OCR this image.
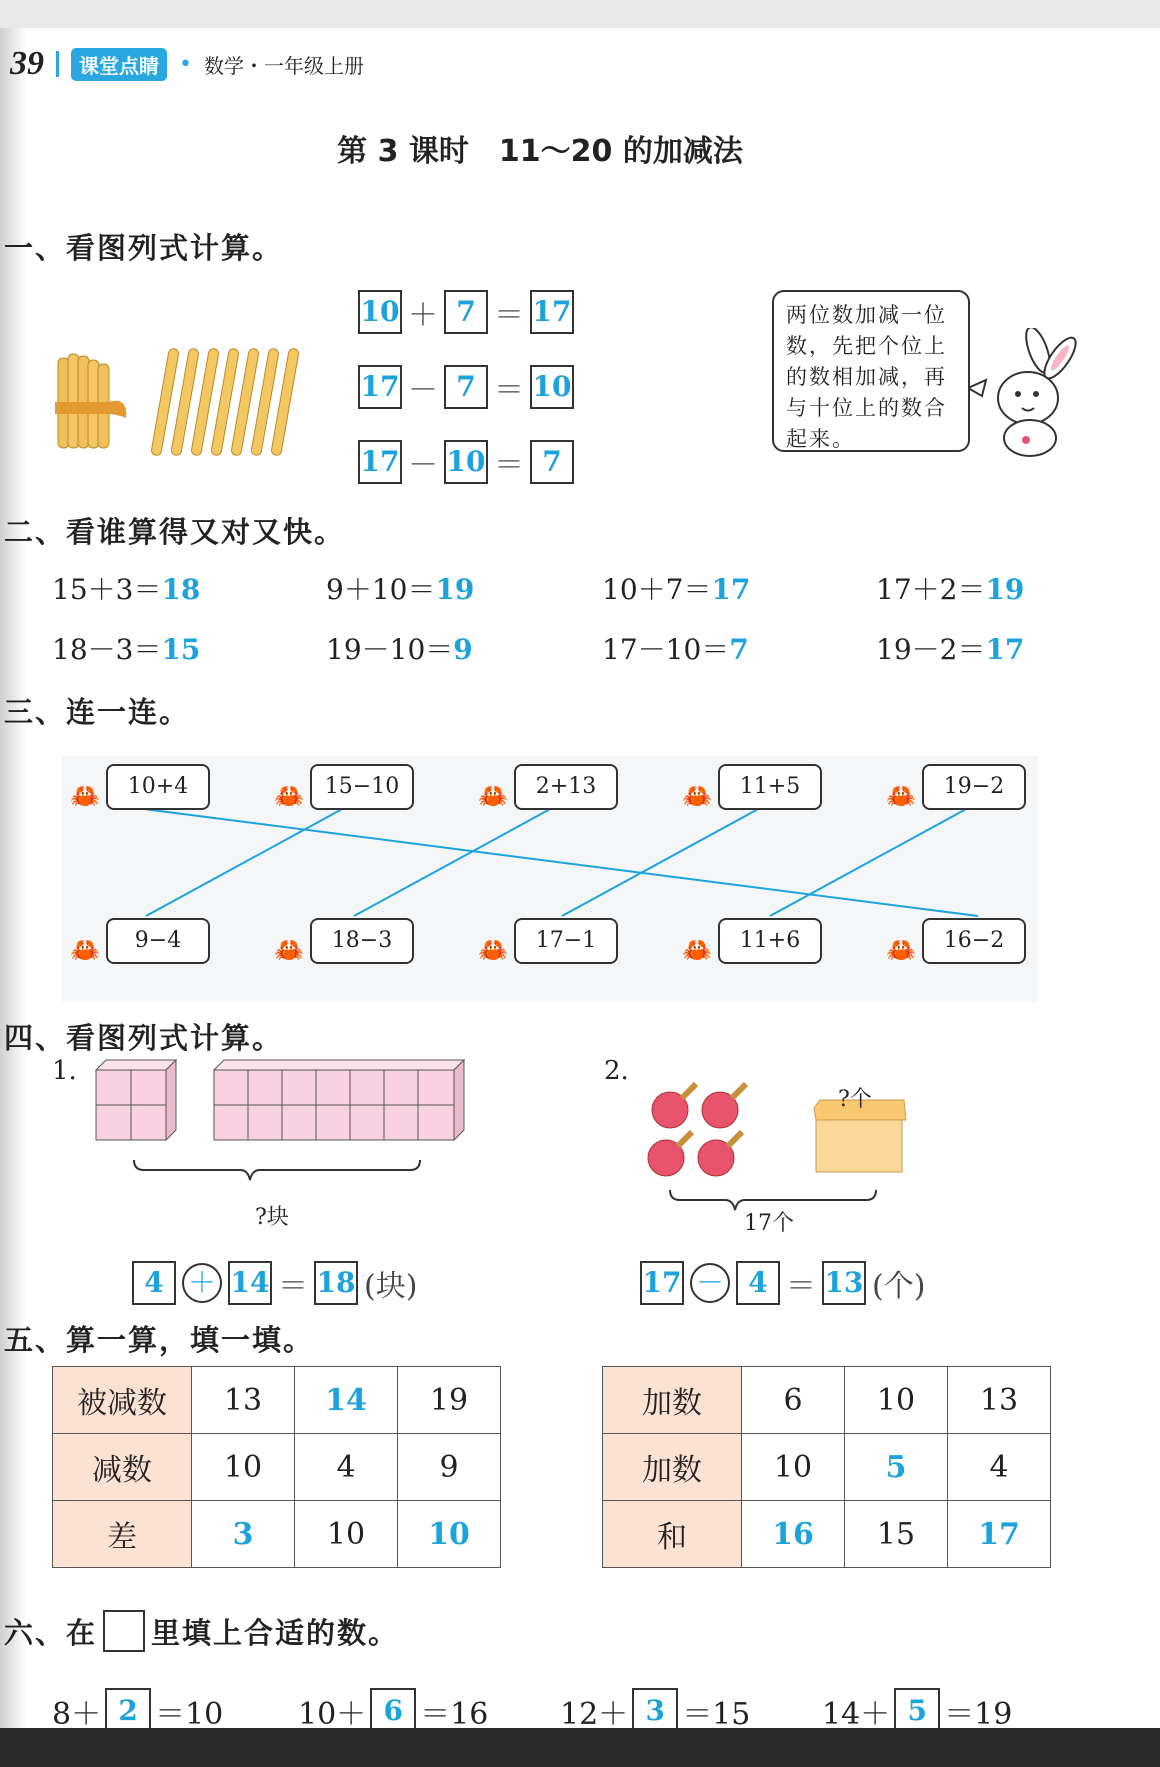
39	课堂点睛 • 数学・一年级上册
第 3 课时　11～20 的加减法
一、看图列式计算。
10 ＋ 7 ＝ 17
17 － 7 ＝ 10
17 － 10 ＝ 7
两位数加减一位数，先把个位上的数相加减，再与十位上的数合起来。
二、看谁算得又对又快。
15＋3＝18	9＋10＝19	10＋7＝17	17＋2＝19
18－3＝15	19－10＝9	17－10＝7	19－2＝17
三、连一连。
🦀	🦀	🦀	🦀	🦀
🦀	🦀	🦀	🦀	🦀
10+4	15−10	2+13	11+5	19−2
9−4	18−3	17−1	11+6	16−2
四、看图列式计算。
1.
?块
4 ＋ 14 ＝ 18 (块)
2.
?个
17个
17 － 4 ＝ 13 (个)
五、算一算，填一填。
被减数	13	14	19
减数	10	4	9
差	3	10	10
加数	6	10	13
加数	10	5	4
和	16	15	17
六、在 里填上合适的数。
8＋ 2 ＝10 10＋ 6 ＝16 12＋ 3 ＝15 14＋ 5 ＝19
